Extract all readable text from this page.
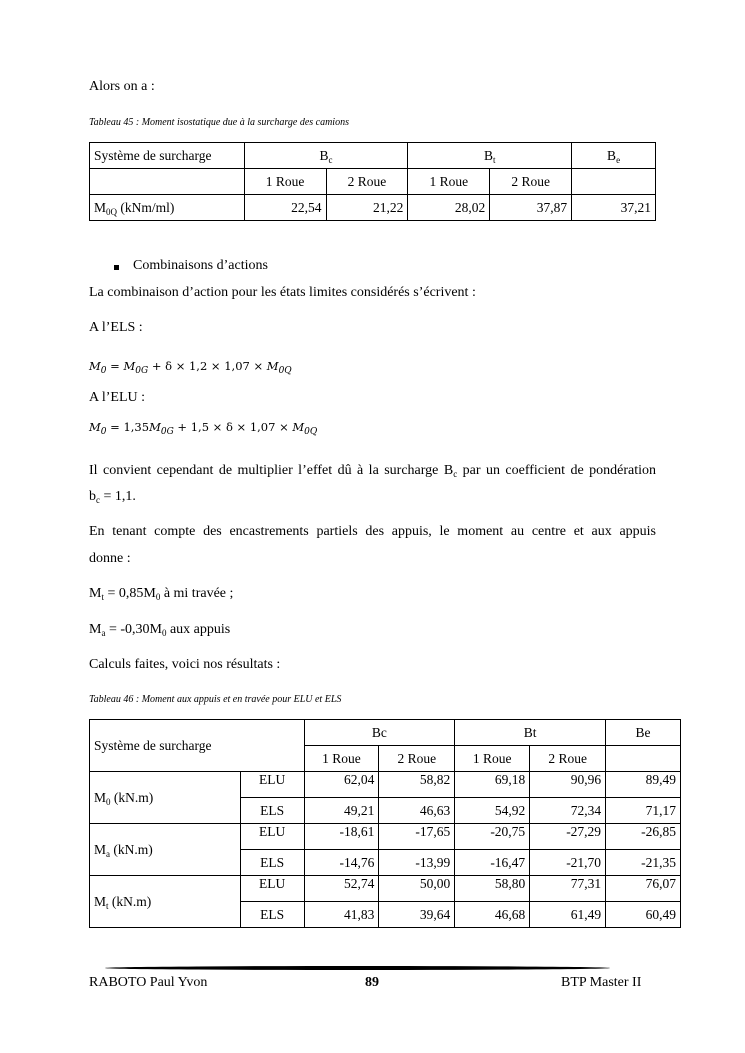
Alors on a :
Tableau 45 : Moment isostatique due à la surcharge des camions
Système de surcharge	$B_c$		$B_t$		$B_e$
	1 Roue	2 Roue	1 Roue	2 Roue	
$M_{0Q}$ (kNm/ml)	22,54	21,22	28,02	37,87	37,21
Combinaisons d’actions
La combinaison d’action pour les états limites considérés s’écrivent :
A l’ELS :
$M_0 = M_{0G} + \delta \times 1,2 \times 1,07 \times M_{0Q}$
A l’ELU :
$M_0 = 1,35M_{0G} + 1,5 \times \delta \times 1,07 \times M_{0Q}$
Il convient cependant de multiplier l’effet dû à la surcharge $B_c$ par un coefficient de pondération
$b_c = 1,1$.
En tenant compte des encastrements partiels des appuis, le moment au centre et aux appuis
donne :
$M_t = 0,85M_0$ à mi travée ;
$M_a = -0,30M_0$ aux appuis
Calculs faites, voici nos résultats :
Tableau 46 : Moment aux appuis et en travée pour ELU et ELS
Système de surcharge		Bc		Bt		Be
		1 Roue	2 Roue	1 Roue	2 Roue	
$M_0$ (kN.m)	ELU	62,04	58,82	69,18	90,96	89,49
	ELS	49,21	46,63	54,92	72,34	71,17
$M_a$ (kN.m)	ELU	-18,61	-17,65	-20,75	-27,29	-26,85
	ELS	-14,76	-13,99	-16,47	-21,70	-21,35
$M_t$ (kN.m)	ELU	52,74	50,00	58,80	77,31	76,07
	ELS	41,83	39,64	46,68	61,49	60,49
RABOTO Paul Yvon	89	BTP Master II
